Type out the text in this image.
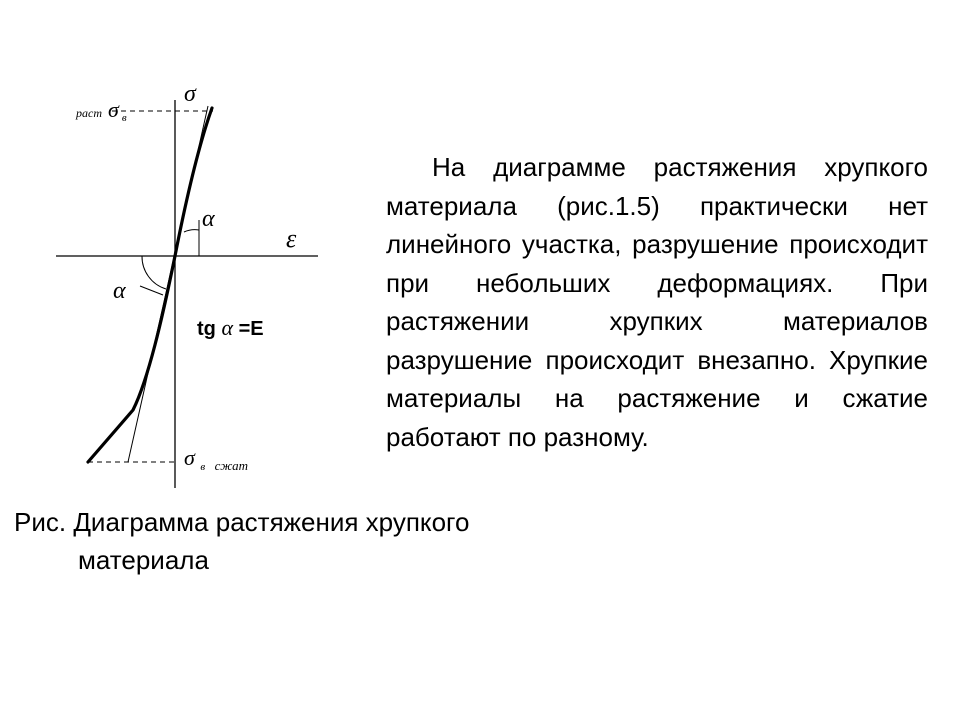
σ
ε
раст σ в
σ $_в$ сжат
α
α
tg α =E

На диаграмме растяжения хрупкого материала (рис.1.5) практически нет линейного участка, разрушение происходит при небольших деформациях. При растяжении хрупких материалов разрушение происходит внезапно. Хрупкие материалы на растяжение и сжатие работают по разному.

Рис. Диаграмма растяжения хрупкого материала
